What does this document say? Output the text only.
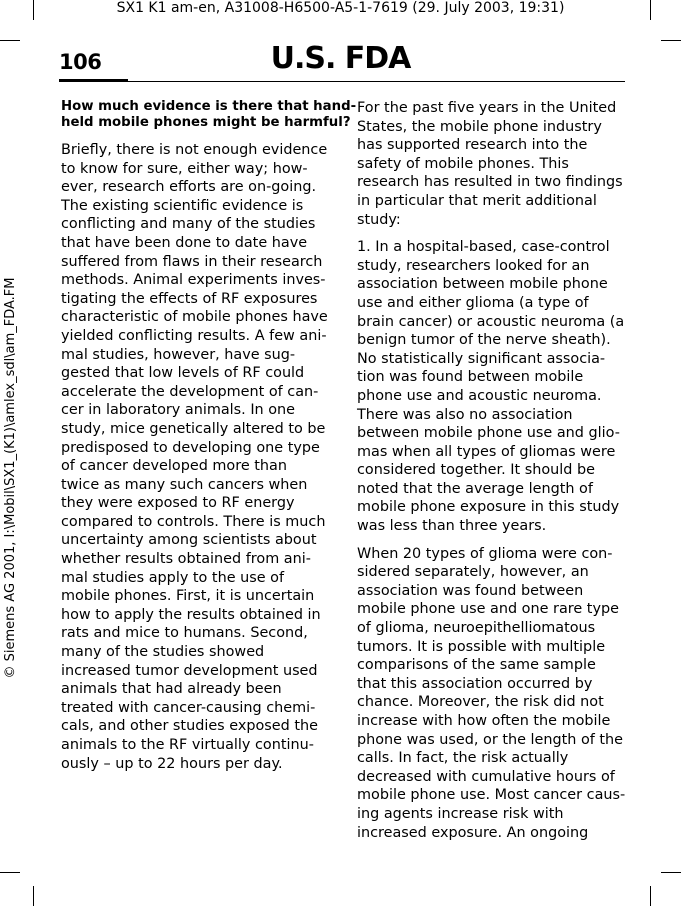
SX1 K1 am-en, A31008-H6500-A5-1-7619 (29. July 2003, 19:31)
© Siemens AG 2001, I:\Mobil\SX1_(K1)\amlex_sdl\am_FDA.FM
106	U.S. FDA

How much evidence is there that hand-
held mobile phones might be harmful?

Briefly, there is not enough evidence
to know for sure, either way; how-
ever, research efforts are on-going.
The existing scientific evidence is
conflicting and many of the studies
that have been done to date have
suffered from flaws in their research
methods. Animal experiments inves-
tigating the effects of RF exposures
characteristic of mobile phones have
yielded conflicting results. A few ani-
mal studies, however, have sug-
gested that low levels of RF could
accelerate the development of can-
cer in laboratory animals. In one
study, mice genetically altered to be
predisposed to developing one type
of cancer developed more than
twice as many such cancers when
they were exposed to RF energy
compared to controls. There is much
uncertainty among scientists about
whether results obtained from ani-
mal studies apply to the use of
mobile phones. First, it is uncertain
how to apply the results obtained in
rats and mice to humans. Second,
many of the studies showed
increased tumor development used
animals that had already been
treated with cancer-causing chemi-
cals, and other studies exposed the
animals to the RF virtually continu-
ously – up to 22 hours per day.

For the past five years in the United
States, the mobile phone industry
has supported research into the
safety of mobile phones. This
research has resulted in two findings
in particular that merit additional
study:

1. In a hospital-based, case-control
study, researchers looked for an
association between mobile phone
use and either glioma (a type of
brain cancer) or acoustic neuroma (a
benign tumor of the nerve sheath).
No statistically significant associa-
tion was found between mobile
phone use and acoustic neuroma.
There was also no association
between mobile phone use and glio-
mas when all types of gliomas were
considered together. It should be
noted that the average length of
mobile phone exposure in this study
was less than three years.

When 20 types of glioma were con-
sidered separately, however, an
association was found between
mobile phone use and one rare type
of glioma, neuroepithelliomatous
tumors. It is possible with multiple
comparisons of the same sample
that this association occurred by
chance. Moreover, the risk did not
increase with how often the mobile
phone was used, or the length of the
calls. In fact, the risk actually
decreased with cumulative hours of
mobile phone use. Most cancer caus-
ing agents increase risk with
increased exposure. An ongoing
